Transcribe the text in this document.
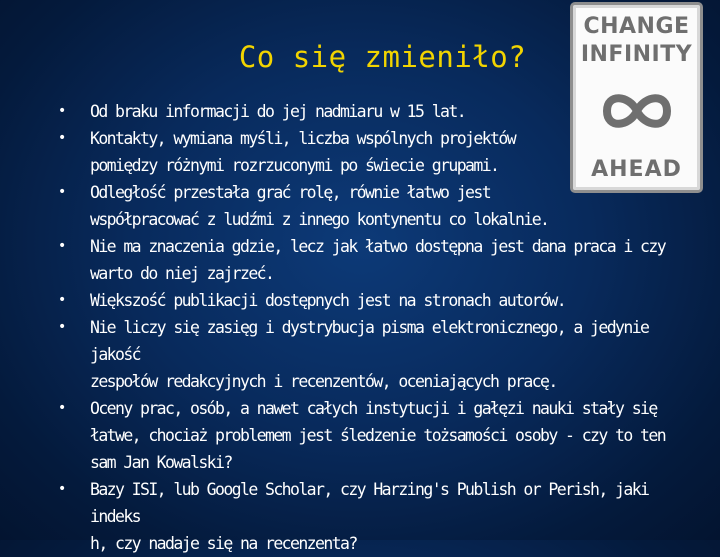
Co się zmieniło?
CHANGE
INFINITY
AHEAD
• Od braku informacji do jej nadmiaru w 15 lat.
• Kontakty, wymiana myśli, liczba wspólnych projektów
pomiędzy różnymi rozrzuconymi po świecie grupami.
• Odległość przestała grać rolę, równie łatwo jest
współpracować z ludźmi z innego kontynentu co lokalnie.
• Nie ma znaczenia gdzie, lecz jak łatwo dostępna jest dana praca i czy
warto do niej zajrzeć.
• Większość publikacji dostępnych jest na stronach autorów.
• Nie liczy się zasięg i dystrybucja pisma elektronicznego, a jedynie jakość
zespołów redakcyjnych i recenzentów, oceniających pracę.
• Oceny prac, osób, a nawet całych instytucji i gałęzi nauki stały się
łatwe, chociaż problemem jest śledzenie tożsamości osoby - czy to ten
sam Jan Kowalski?
• Bazy ISI, lub Google Scholar, czy Harzing's Publish or Perish, jaki indeks
h, czy nadaje się na recenzenta?
